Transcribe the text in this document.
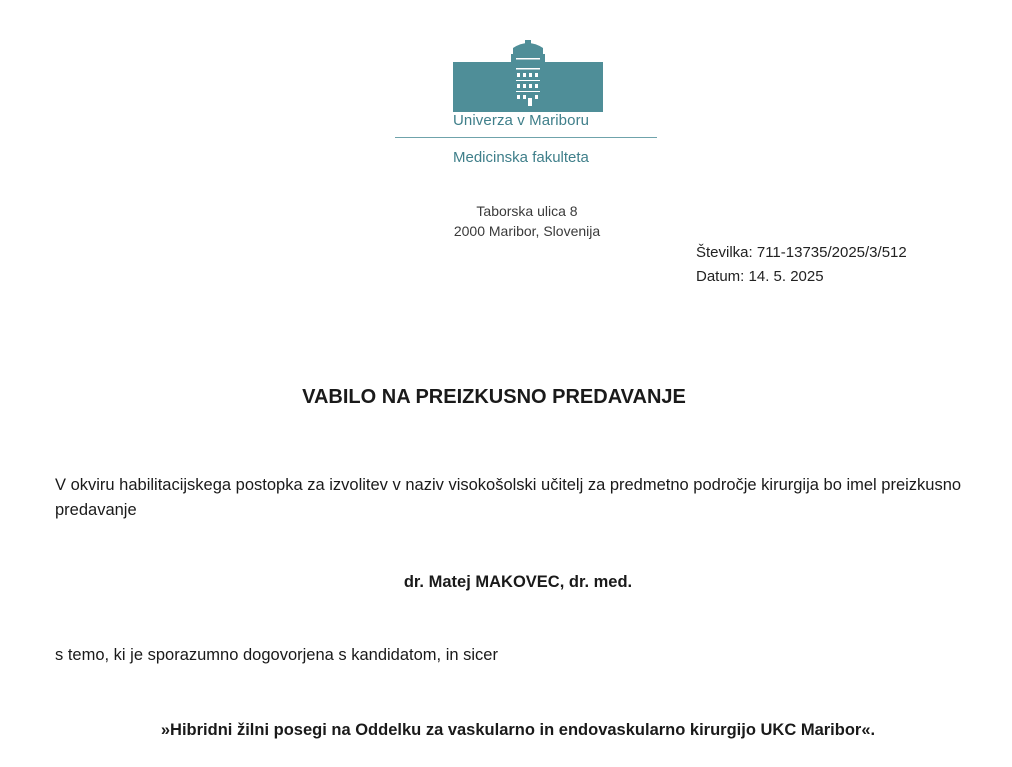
Univerza v Mariboru
Medicinska fakulteta
Taborska ulica 8
2000 Maribor, Slovenija
Številka: 711-13735/2025/3/512
Datum: 14. 5. 2025
VABILO NA PREIZKUSNO PREDAVANJE
V okviru habilitacijskega postopka za izvolitev v naziv visokošolski učitelj za predmetno področje kirurgija bo imel preizkusno predavanje
dr. Matej MAKOVEC, dr. med.
s temo, ki je sporazumno dogovorjena s kandidatom, in sicer
»Hibridni žilni posegi na Oddelku za vaskularno in endovaskularno kirurgijo UKC Maribor«.
